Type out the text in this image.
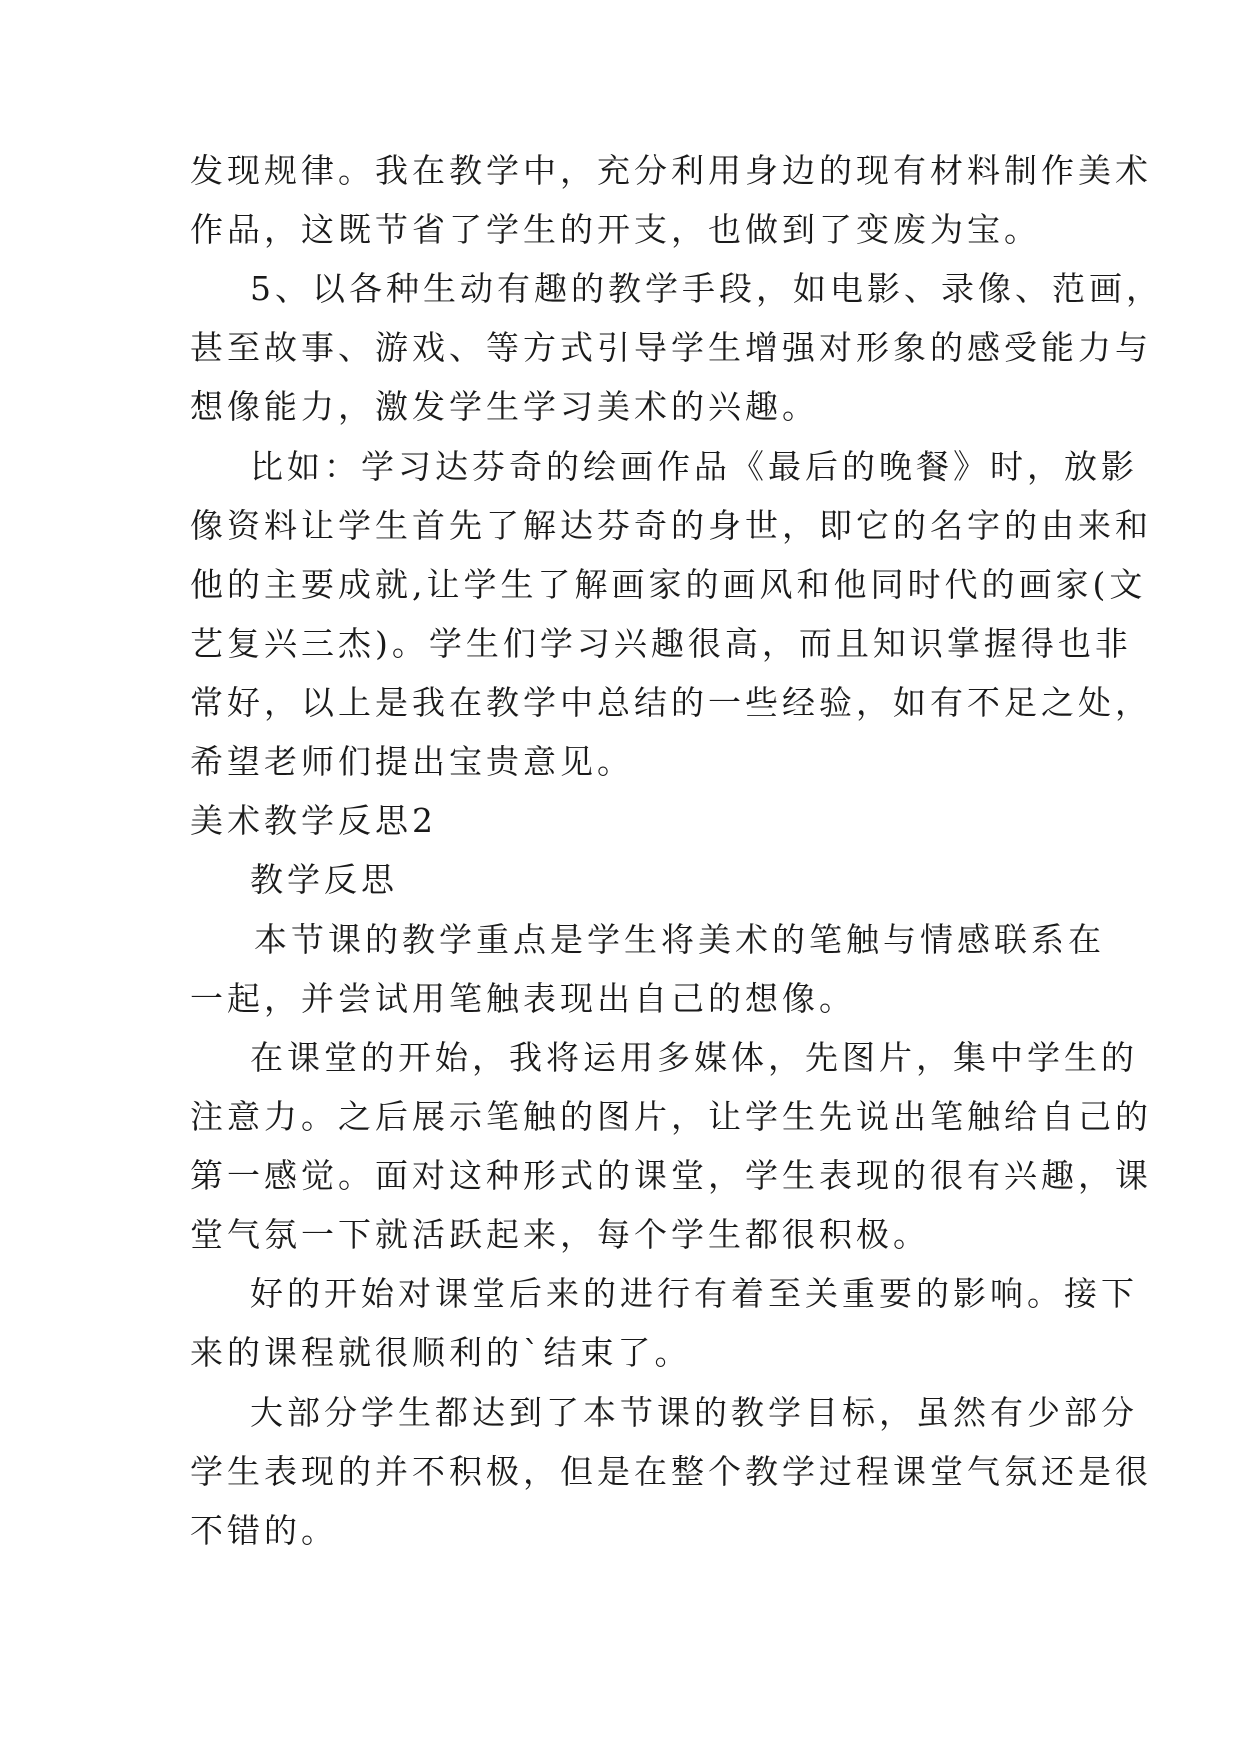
发现规律。我在教学中，充分利用身边的现有材料制作美术
作品，这既节省了学生的开支，也做到了变废为宝。
5、以各种生动有趣的教学手段，如电影、录像、范画，
甚至故事、游戏、等方式引导学生增强对形象的感受能力与
想像能力，激发学生学习美术的兴趣。
比如：学习达芬奇的绘画作品《最后的晚餐》时，放影
像资料让学生首先了解达芬奇的身世，即它的名字的由来和
他的主要成就,让学生了解画家的画风和他同时代的画家(文
艺复兴三杰)。学生们学习兴趣很高，而且知识掌握得也非
常好，以上是我在教学中总结的一些经验，如有不足之处，
希望老师们提出宝贵意见。
美术教学反思2
教学反思
本节课的教学重点是学生将美术的笔触与情感联系在
一起，并尝试用笔触表现出自己的想像。
在课堂的开始，我将运用多媒体，先图片，集中学生的
注意力。之后展示笔触的图片，让学生先说出笔触给自己的
第一感觉。面对这种形式的课堂，学生表现的很有兴趣，课
堂气氛一下就活跃起来，每个学生都很积极。
好的开始对课堂后来的进行有着至关重要的影响。接下
来的课程就很顺利的`结束了。
大部分学生都达到了本节课的教学目标，虽然有少部分
学生表现的并不积极，但是在整个教学过程课堂气氛还是很
不错的。
